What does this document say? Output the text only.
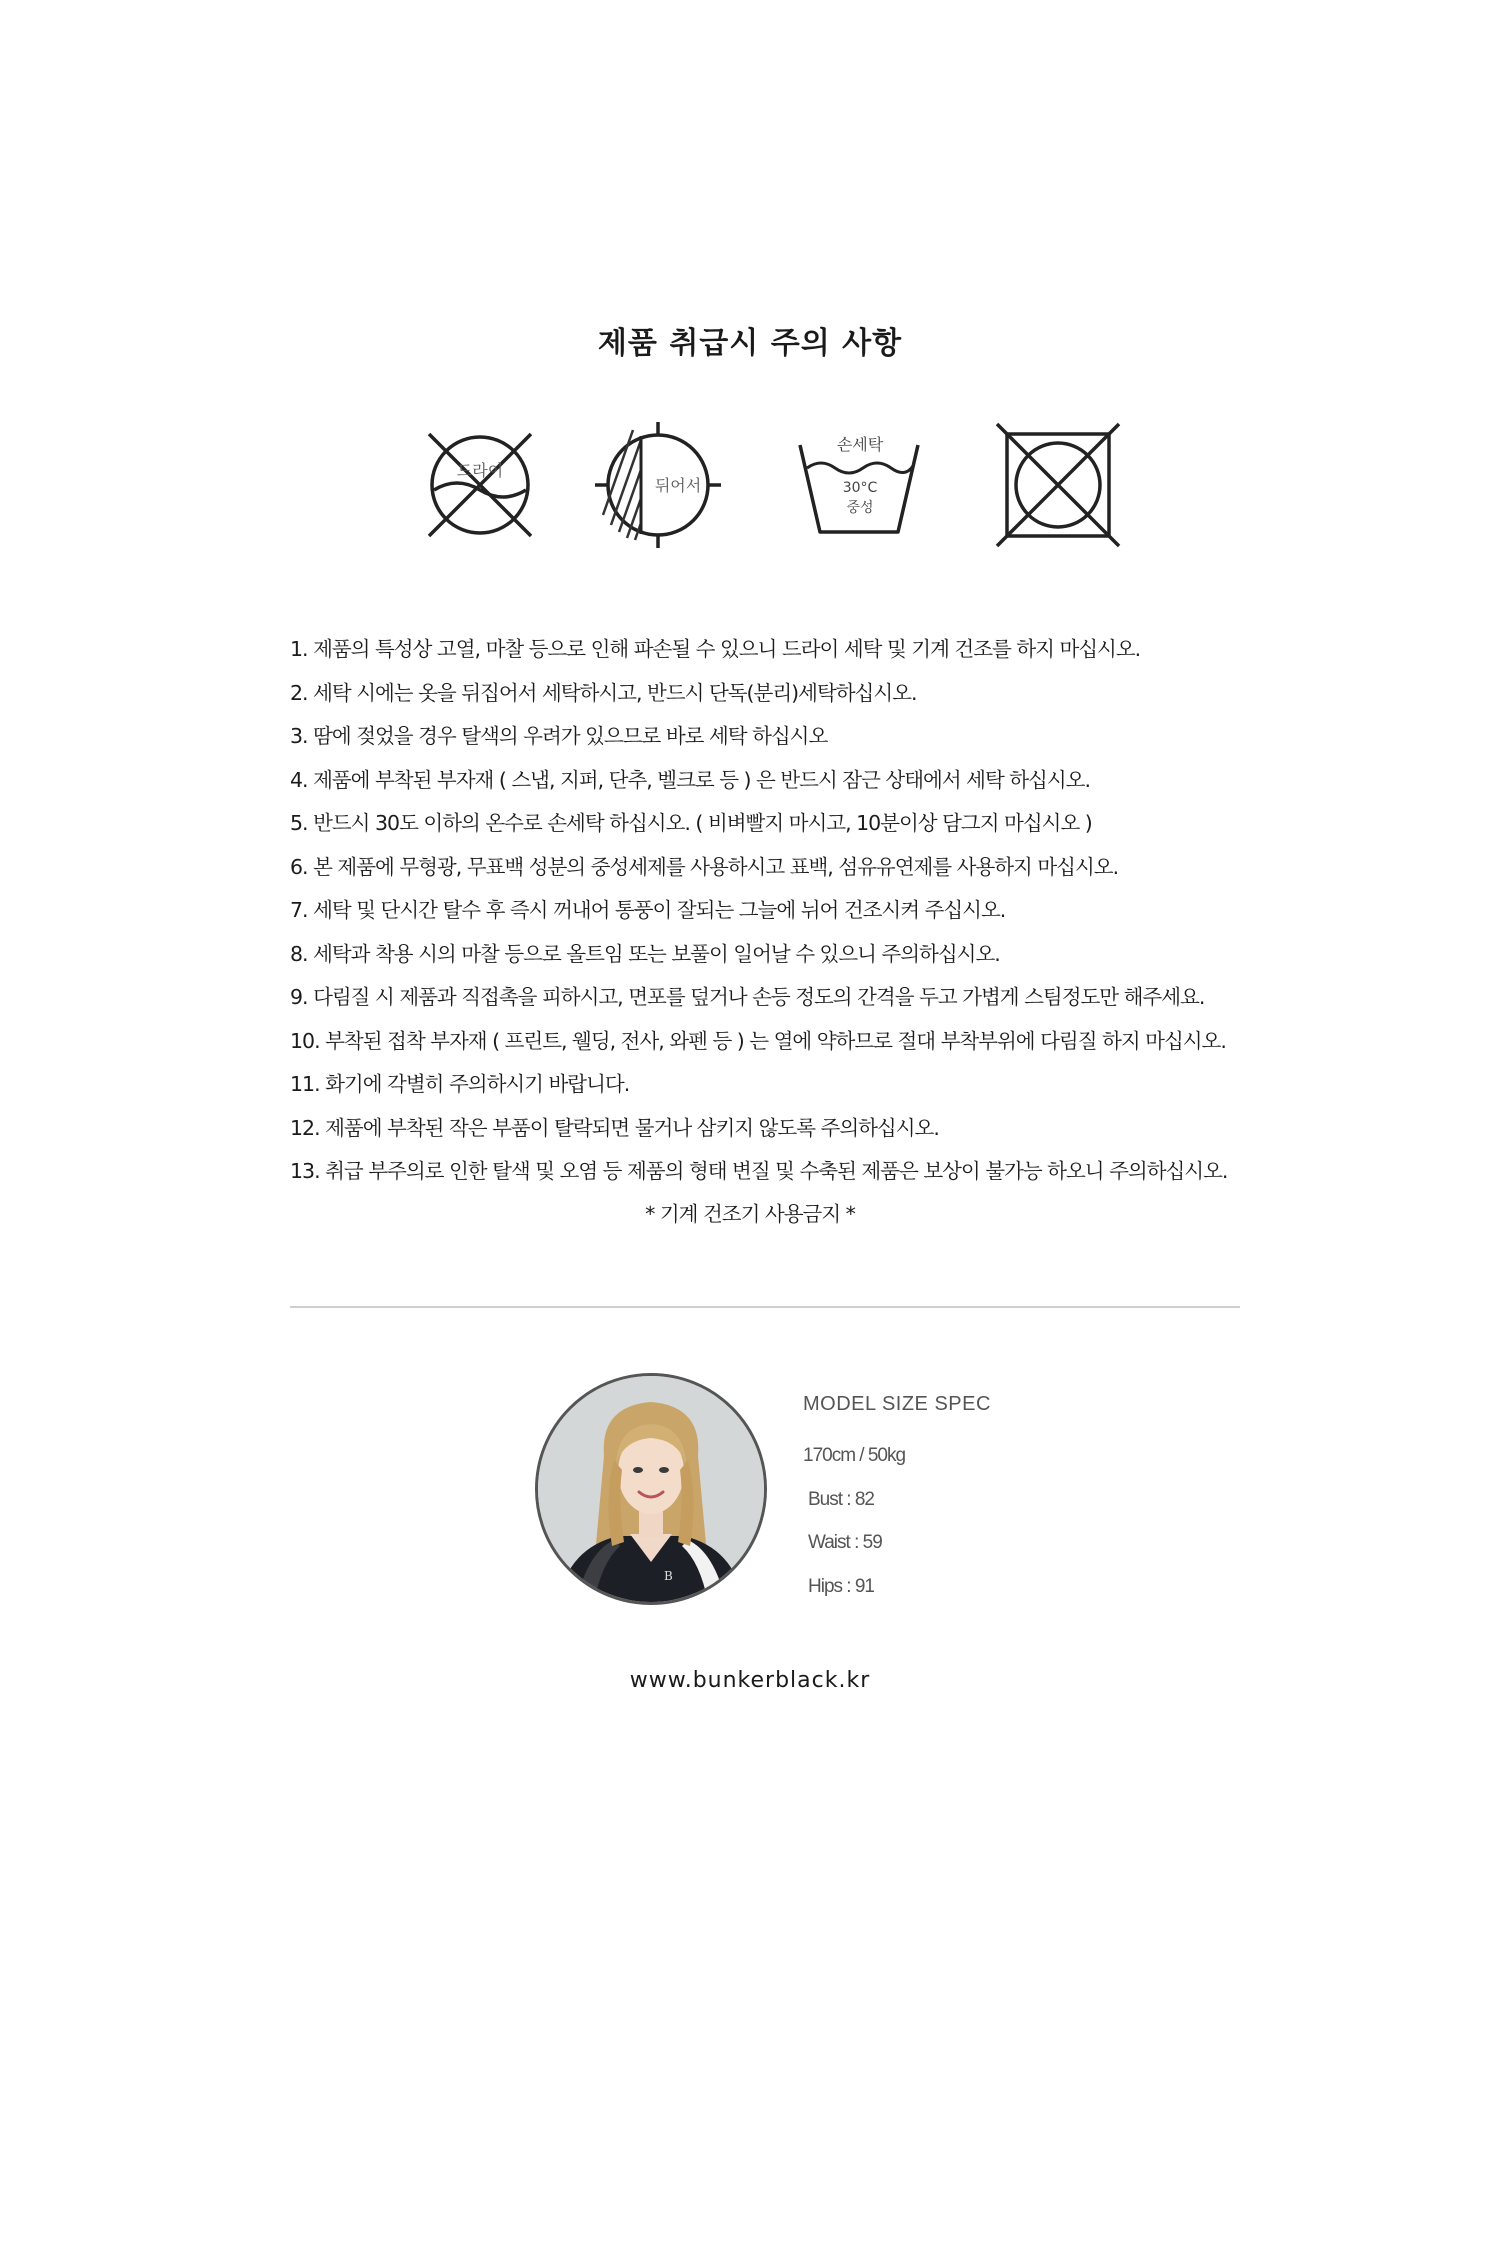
제품 취급시 주의 사항
드라이
뒤어서
손세탁
30°C
중성
1. 제품의 특성상 고열, 마찰 등으로 인해 파손될 수 있으니 드라이 세탁 및 기계 건조를 하지 마십시오.
2. 세탁 시에는 옷을 뒤집어서 세탁하시고, 반드시 단독(분리)세탁하십시오.
3. 땀에 젖었을 경우 탈색의 우려가 있으므로 바로 세탁 하십시오
4. 제품에 부착된 부자재 ( 스냅, 지퍼, 단추, 벨크로 등 ) 은 반드시 잠근 상태에서 세탁 하십시오.
5. 반드시 30도 이하의 온수로 손세탁 하십시오. ( 비벼빨지 마시고, 10분이상 담그지 마십시오 )
6. 본 제품에 무형광, 무표백 성분의 중성세제를 사용하시고 표백, 섬유유연제를 사용하지 마십시오.
7. 세탁 및 단시간 탈수 후 즉시 꺼내어 통풍이 잘되는 그늘에 뉘어 건조시켜 주십시오.
8. 세탁과 착용 시의 마찰 등으로 올트임 또는 보풀이 일어날 수 있으니 주의하십시오.
9. 다림질 시 제품과 직접촉을 피하시고, 면포를 덮거나 손등 정도의 간격을 두고 가볍게 스팀정도만 해주세요.
10. 부착된 접착 부자재 ( 프린트, 웰딩, 전사, 와펜 등 ) 는 열에 약하므로 절대 부착부위에 다림질 하지 마십시오.
11. 화기에 각별히 주의하시기 바랍니다.
12. 제품에 부착된 작은 부품이 탈락되면 물거나 삼키지 않도록 주의하십시오.
13. 취급 부주의로 인한 탈색 및 오염 등 제품의 형태 변질 및 수축된 제품은 보상이 불가능 하오니 주의하십시오.
* 기계 건조기 사용금지 *
B
MODEL SIZE SPEC
170cm / 50kg
Bust : 82
Waist : 59
Hips : 91
www.bunkerblack.kr
